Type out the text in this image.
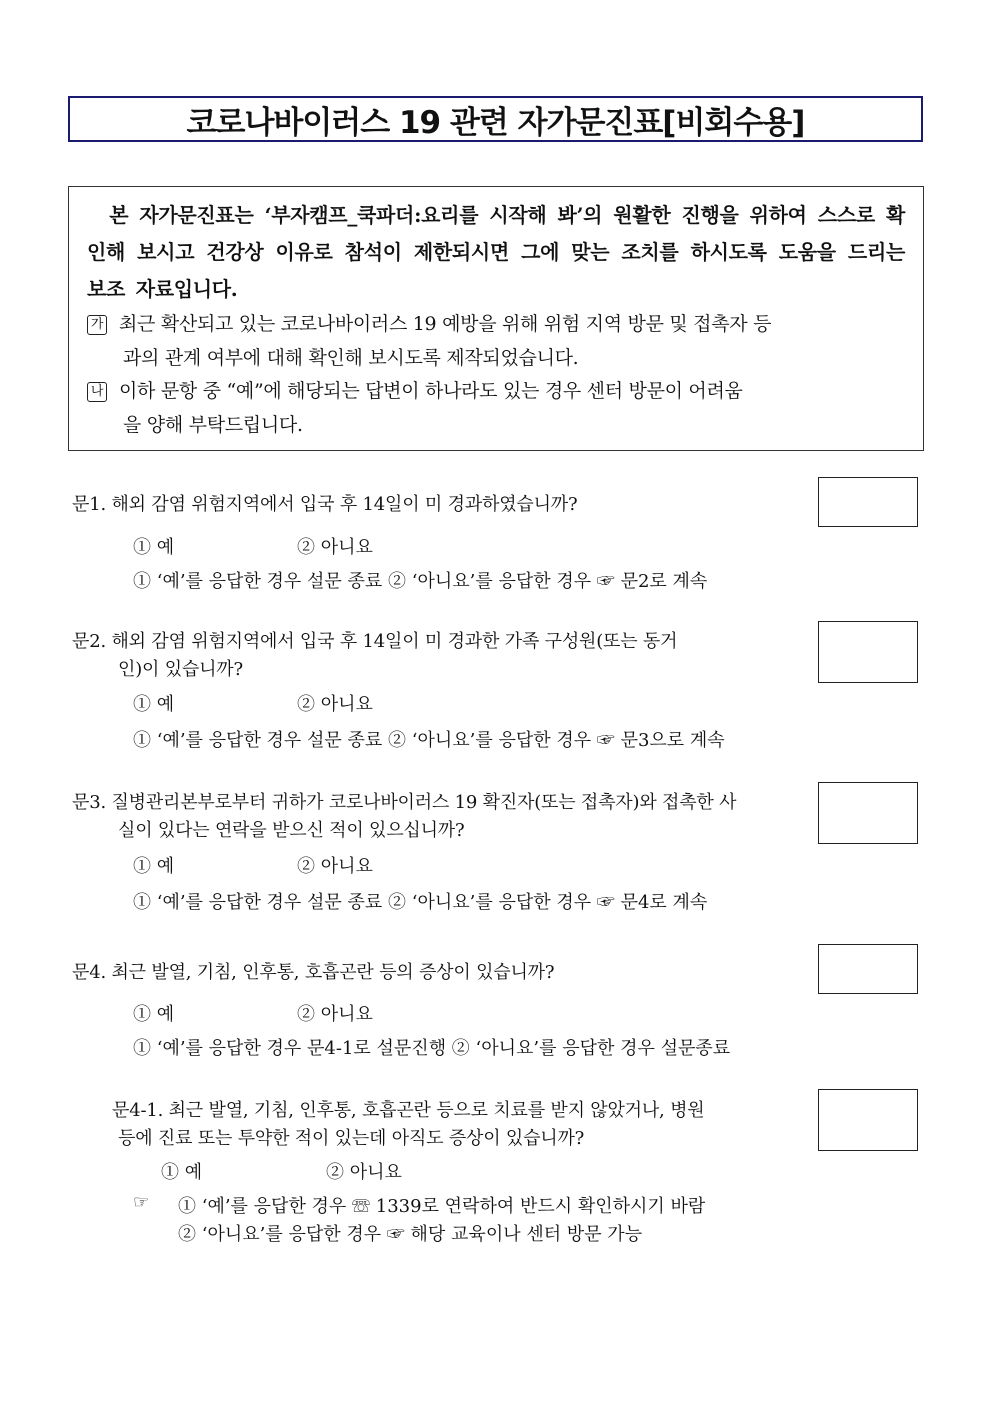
코로나바이러스 19 관련 자가문진표[비회수용]
본 자가문진표는 ‘부자캠프_쿡파더:요리를 시작해 봐’의 원활한 진행을 위하여 스스로 확인해 보시고 건강상 이유로 참석이 제한되시면 그에 맞는 조치를 하시도록 도움을 드리는 보조 자료입니다.
가 최근 확산되고 있는 코로나바이러스 19 예방을 위해 위험 지역 방문 및 접촉자 등
과의 관계 여부에 대해 확인해 보시도록 제작되었습니다.
나 이하 문항 중 “예”에 해당되는 답변이 하나라도 있는 경우 센터 방문이 어려움
을 양해 부탁드립니다.
문1. 해외 감염 위험지역에서 입국 후 14일이 미 경과하였습니까?
① 예	② 아니요
① ‘예’를 응답한 경우 설문 종료 ② ‘아니요’를 응답한 경우 ☞ 문2로 계속
문2. 해외 감염 위험지역에서 입국 후 14일이 미 경과한 가족 구성원(또는 동거
인)이 있습니까?
① 예	② 아니요
① ‘예’를 응답한 경우 설문 종료 ② ‘아니요’를 응답한 경우 ☞ 문3으로 계속
문3. 질병관리본부로부터 귀하가 코로나바이러스 19 확진자(또는 접촉자)와 접촉한 사
실이 있다는 연락을 받으신 적이 있으십니까?
① 예	② 아니요
① ‘예’를 응답한 경우 설문 종료 ② ‘아니요’를 응답한 경우 ☞ 문4로 계속
문4. 최근 발열, 기침, 인후통, 호흡곤란 등의 증상이 있습니까?
① 예	② 아니요
① ‘예’를 응답한 경우 문4-1로 설문진행 ② ‘아니요’를 응답한 경우 설문종료
문4-1. 최근 발열, 기침, 인후통, 호흡곤란 등으로 치료를 받지 않았거나, 병원
등에 진료 또는 투약한 적이 있는데 아직도 증상이 있습니까?
① 예	② 아니요
☞ ① ‘예’를 응답한 경우 ☏ 1339로 연락하여 반드시 확인하시기 바람
② ‘아니요’를 응답한 경우 ☞ 해당 교육이나 센터 방문 가능
